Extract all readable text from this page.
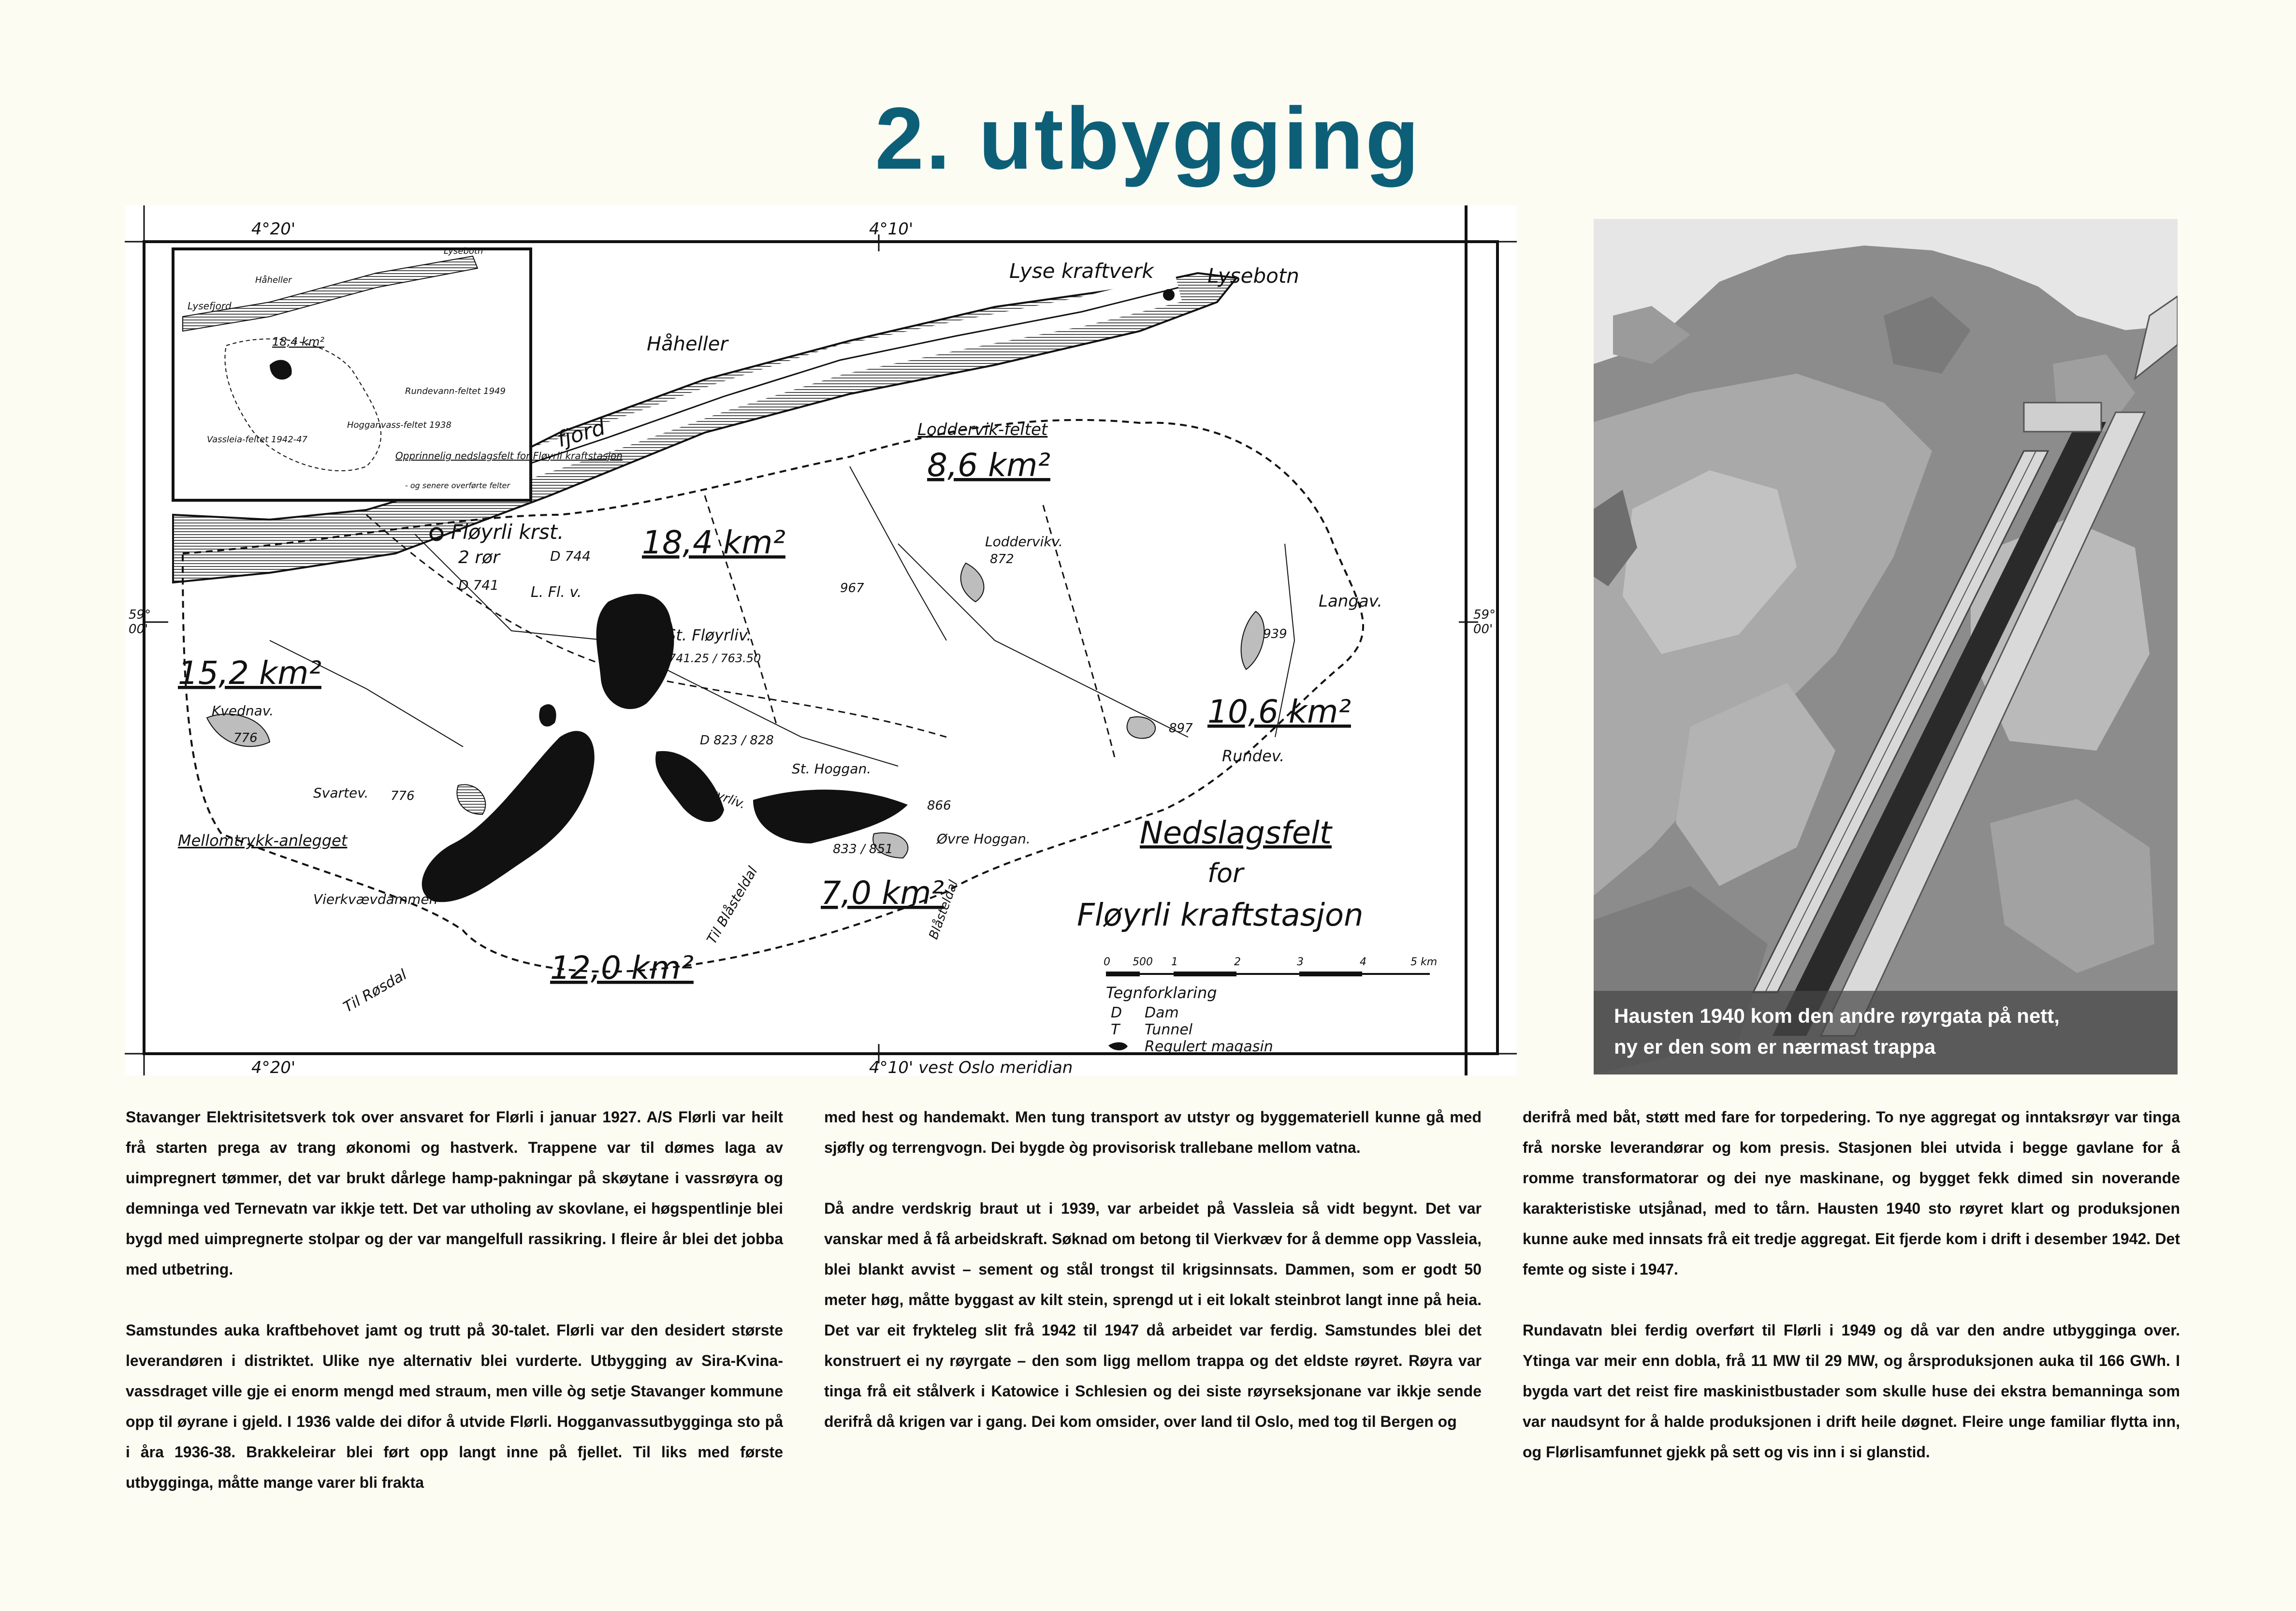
2. utbygging
4°20'	4°10'
4°20'	4°10' vest Oslo meridian
59°
00'
59°
00'
Lyse kraftverk	Lysebotn
Håheller
fjord
Lysebotn
Håheller
Lysefjord
18,4 km²
Rundevann-feltet 1949
Hogganvass-feltet 1938
Vassleia-feltet 1942-47
Opprinnelig nedslagsfelt for Fløyrli kraftstasjon
- og senere overførte felter
Fløyrli krst.
2 rør
D 741
D 744
L. Fl. v.
St. Fløyrliv.
741.25 / 763.50
967
Loddervik-feltet
Loddervikv.
872
Langav.
939
897
Rundev.
Kvednav.
776
Svartev. 776
Mellomtrykk-anlegget	Krogav.
Vassleia
Vierkvævdammen
D 823 / 828
Øvre Fløyrliv.
St. Hoggan.
833 / 851
866
Øvre Hoggan.
Til Røsdal
Til Blåsteldal	Blåsteldal
15,2 km²
18,4 km²
8,6 km²
10,6 km²
7,0 km²
12,0 km²
Nedslagsfelt
for
Fløyrli kraftstasjon
0 500 1	2	3	4	5 km
Tegnforklaring
D Dam
T Tunnel
Regulert magasin

Hausten 1940 kom den andre røyrgata på nett,

ny er den som er nærmast trappa

Stavanger Elektrisitetsverk tok over ansvaret for Flørli i januar 1927. A/S Flørli var heilt frå starten prega av trang økonomi og hastverk. Trappene var til dømes laga av uimpregnert tømmer, det var brukt dårlege hamp-pakningar på skøytane i vassrøyra og demninga ved Ternevatn var ikkje tett. Det var utholing av skovlane, ei høgspentlinje blei bygd med uimpregnerte stolpar og der var mangelfull rassikring. I fleire år blei det jobba med utbetring.

Samstundes auka kraftbehovet jamt og trutt på 30-talet. Flørli var den desidert største leverandøren i distriktet. Ulike nye alternativ blei vurderte. Utbygging av Sira-Kvina-vassdraget ville gje ei enorm mengd med straum, men ville òg setje Stavanger kommune opp til øyrane i gjeld. I 1936 valde dei difor å utvide Flørli. Hogganvassutbygginga sto på i åra 1936-38. Brakkeleirar blei ført opp langt inne på fjellet. Til liks med første utbygginga, måtte mange varer bli frakta

med hest og handemakt. Men tung transport av utstyr og byggemateriell kunne gå med sjøfly og terrengvogn. Dei bygde òg provisorisk trallebane mellom vatna.

Då andre verdskrig braut ut i 1939, var arbeidet på Vassleia så vidt begynt. Det var vanskar med å få arbeidskraft. Søknad om betong til Vierkvæv for å demme opp Vassleia, blei blankt avvist – sement og stål trongst til krigsinnsats. Dammen, som er godt 50 meter høg, måtte byggast av kilt stein, sprengd ut i eit lokalt steinbrot langt inne på heia. Det var eit frykteleg slit frå 1942 til 1947 då arbeidet var ferdig. Samstundes blei det konstruert ei ny røyrgate – den som ligg mellom trappa og det eldste røyret. Røyra var tinga frå eit stålverk i Katowice i Schlesien og dei siste røyrseksjonane var ikkje sende derifrå då krigen var i gang. Dei kom omsider, over land til Oslo, med tog til Bergen og

derifrå med båt, støtt med fare for torpedering. To nye aggregat og inntaksrøyr var tinga frå norske leverandørar og kom presis. Stasjonen blei utvida i begge gavlane for å romme transformatorar og dei nye maskinane, og bygget fekk dimed sin noverande karakteristiske utsjånad, med to tårn. Hausten 1940 sto røyret klart og produksjonen kunne auke med innsats frå eit tredje aggregat. Eit fjerde kom i drift i desember 1942. Det femte og siste i 1947.

Rundavatn blei ferdig overført til Flørli i 1949 og då var den andre utbygginga over. Ytinga var meir enn dobla, frå 11 MW til 29 MW, og årsproduksjonen auka til 166 GWh. I bygda vart det reist fire maskinistbustader som skulle huse dei ekstra bemanninga som var naudsynt for å halde produksjonen i drift heile døgnet. Fleire unge familiar flytta inn, og Flørlisamfunnet gjekk på sett og vis inn i si glanstid.
